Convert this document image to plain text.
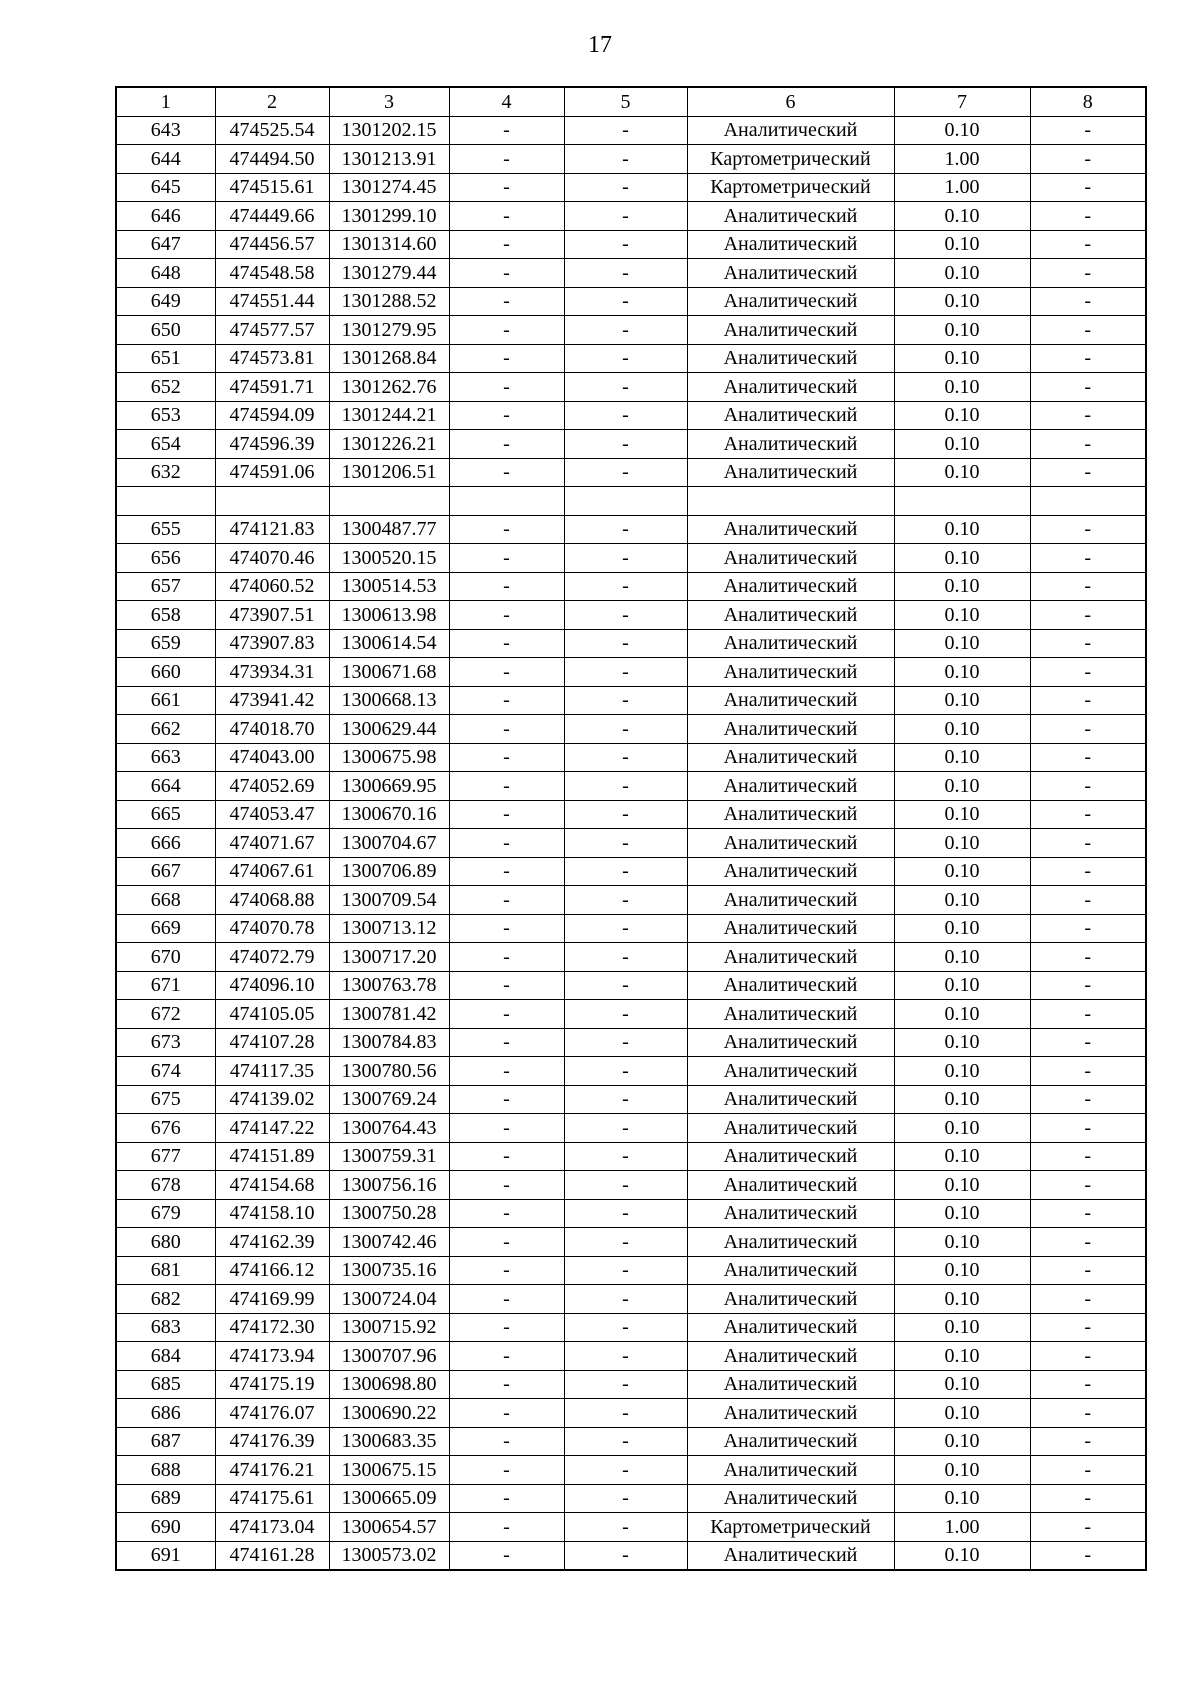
17
1	2	3	4	5	6	7	8
643	474525.54	1301202.15	-	-	Аналитический	0.10	-
644	474494.50	1301213.91	-	-	Картометрический	1.00	-
645	474515.61	1301274.45	-	-	Картометрический	1.00	-
646	474449.66	1301299.10	-	-	Аналитический	0.10	-
647	474456.57	1301314.60	-	-	Аналитический	0.10	-
648	474548.58	1301279.44	-	-	Аналитический	0.10	-
649	474551.44	1301288.52	-	-	Аналитический	0.10	-
650	474577.57	1301279.95	-	-	Аналитический	0.10	-
651	474573.81	1301268.84	-	-	Аналитический	0.10	-
652	474591.71	1301262.76	-	-	Аналитический	0.10	-
653	474594.09	1301244.21	-	-	Аналитический	0.10	-
654	474596.39	1301226.21	-	-	Аналитический	0.10	-
632	474591.06	1301206.51	-	-	Аналитический	0.10	-

655	474121.83	1300487.77	-	-	Аналитический	0.10	-
656	474070.46	1300520.15	-	-	Аналитический	0.10	-
657	474060.52	1300514.53	-	-	Аналитический	0.10	-
658	473907.51	1300613.98	-	-	Аналитический	0.10	-
659	473907.83	1300614.54	-	-	Аналитический	0.10	-
660	473934.31	1300671.68	-	-	Аналитический	0.10	-
661	473941.42	1300668.13	-	-	Аналитический	0.10	-
662	474018.70	1300629.44	-	-	Аналитический	0.10	-
663	474043.00	1300675.98	-	-	Аналитический	0.10	-
664	474052.69	1300669.95	-	-	Аналитический	0.10	-
665	474053.47	1300670.16	-	-	Аналитический	0.10	-
666	474071.67	1300704.67	-	-	Аналитический	0.10	-
667	474067.61	1300706.89	-	-	Аналитический	0.10	-
668	474068.88	1300709.54	-	-	Аналитический	0.10	-
669	474070.78	1300713.12	-	-	Аналитический	0.10	-
670	474072.79	1300717.20	-	-	Аналитический	0.10	-
671	474096.10	1300763.78	-	-	Аналитический	0.10	-
672	474105.05	1300781.42	-	-	Аналитический	0.10	-
673	474107.28	1300784.83	-	-	Аналитический	0.10	-
674	474117.35	1300780.56	-	-	Аналитический	0.10	-
675	474139.02	1300769.24	-	-	Аналитический	0.10	-
676	474147.22	1300764.43	-	-	Аналитический	0.10	-
677	474151.89	1300759.31	-	-	Аналитический	0.10	-
678	474154.68	1300756.16	-	-	Аналитический	0.10	-
679	474158.10	1300750.28	-	-	Аналитический	0.10	-
680	474162.39	1300742.46	-	-	Аналитический	0.10	-
681	474166.12	1300735.16	-	-	Аналитический	0.10	-
682	474169.99	1300724.04	-	-	Аналитический	0.10	-
683	474172.30	1300715.92	-	-	Аналитический	0.10	-
684	474173.94	1300707.96	-	-	Аналитический	0.10	-
685	474175.19	1300698.80	-	-	Аналитический	0.10	-
686	474176.07	1300690.22	-	-	Аналитический	0.10	-
687	474176.39	1300683.35	-	-	Аналитический	0.10	-
688	474176.21	1300675.15	-	-	Аналитический	0.10	-
689	474175.61	1300665.09	-	-	Аналитический	0.10	-
690	474173.04	1300654.57	-	-	Картометрический	1.00	-
691	474161.28	1300573.02	-	-	Аналитический	0.10	-
